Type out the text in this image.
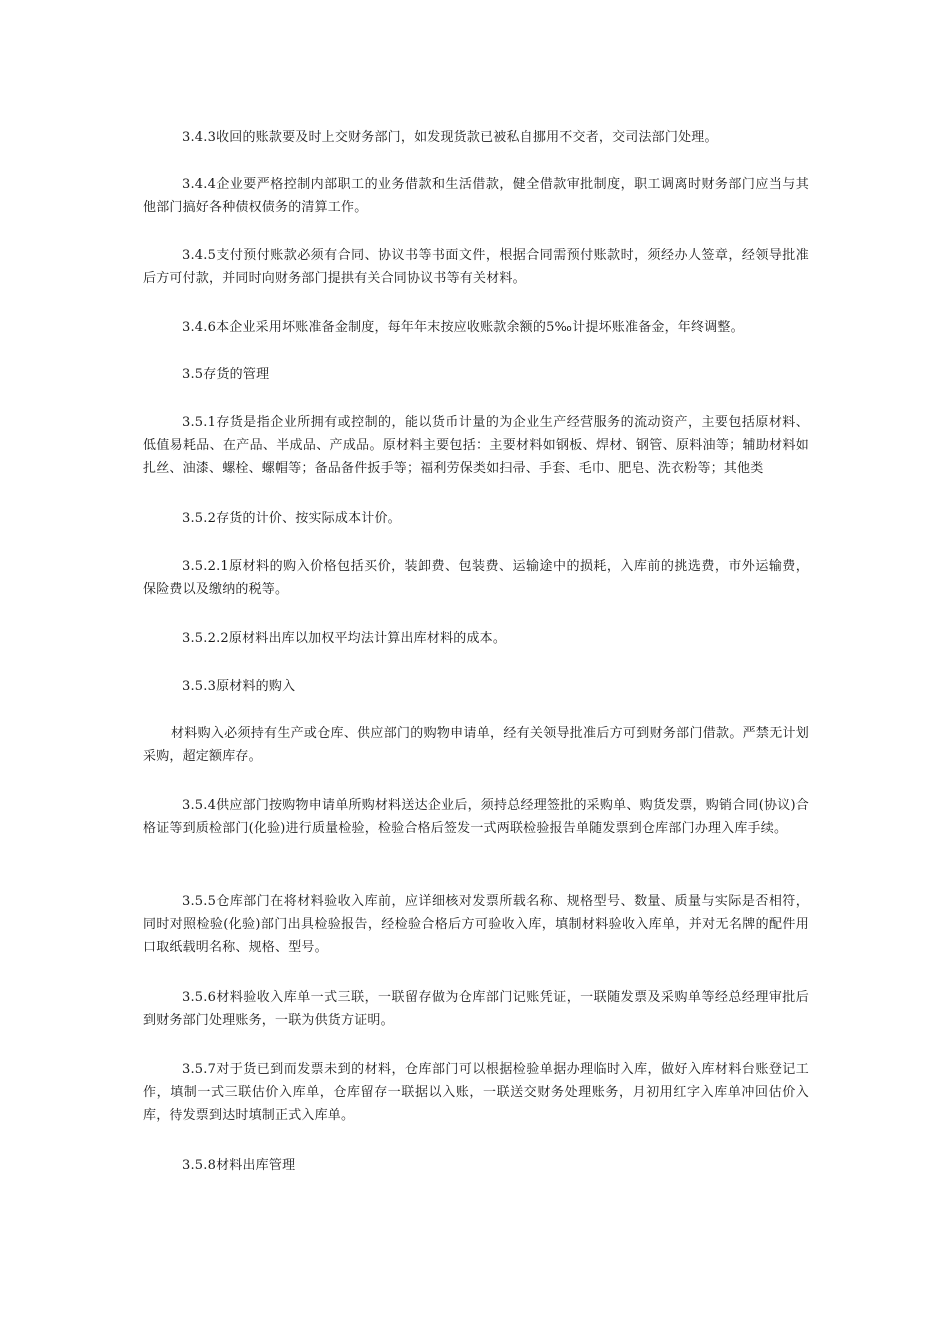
3.4.3收回的账款要及时上交财务部门，如发现货款已被私自挪用不交者，交司法部门处理。

3.4.4企业要严格控制内部职工的业务借款和生活借款，健全借款审批制度，职工调离时财务部门应当与其他部门搞好各种债权债务的清算工作。

3.4.5支付预付账款必须有合同、协议书等书面文件，根据合同需预付账款时，须经办人签章，经领导批准后方可付款，并同时向财务部门提拱有关合同协议书等有关材料。

3.4.6本企业采用坏账准备金制度，每年年末按应收账款余额的5‰计提坏账准备金，年终调整。

3.5存货的管理

3.5.1存货是指企业所拥有或控制的，能以货币计量的为企业生产经营服务的流动资产，主要包括原材料、低值易耗品、在产品、半成品、产成品。原材料主要包括：主要材料如钢板、焊材、钢管、原料油等；辅助材料如扎丝、油漆、螺栓、螺帽等；备品备件扳手等；福利劳保类如扫帚、手套、毛巾、肥皂、洗衣粉等；其他类

3.5.2存货的计价、按实际成本计价。

3.5.2.1原材料的购入价格包括买价，装卸费、包装费、运输途中的损耗，入库前的挑选费，市外运输费，保险费以及缴纳的税等。

3.5.2.2原材料出库以加权平均法计算出库材料的成本。

3.5.3原材料的购入

材料购入必须持有生产或仓库、供应部门的购物申请单，经有关领导批准后方可到财务部门借款。严禁无计划采购，超定额库存。

3.5.4供应部门按购物申请单所购材料送达企业后，须持总经理签批的采购单、购货发票，购销合同(协议)合格证等到质检部门(化验)进行质量检验，检验合格后签发一式两联检验报告单随发票到仓库部门办理入库手续。

3.5.5仓库部门在将材料验收入库前，应详细核对发票所载名称、规格型号、数量、质量与实际是否相符，同时对照检验(化验)部门出具检验报告，经检验合格后方可验收入库，填制材料验收入库单，并对无名牌的配件用口取纸载明名称、规格、型号。

3.5.6材料验收入库单一式三联，一联留存做为仓库部门记账凭证，一联随发票及采购单等经总经理审批后到财务部门处理账务，一联为供货方证明。

3.5.7对于货已到而发票未到的材料，仓库部门可以根据检验单据办理临时入库，做好入库材料台账登记工作，填制一式三联估价入库单，仓库留存一联据以入账，一联送交财务处理账务，月初用红字入库单冲回估价入库，待发票到达时填制正式入库单。

3.5.8材料出库管理
